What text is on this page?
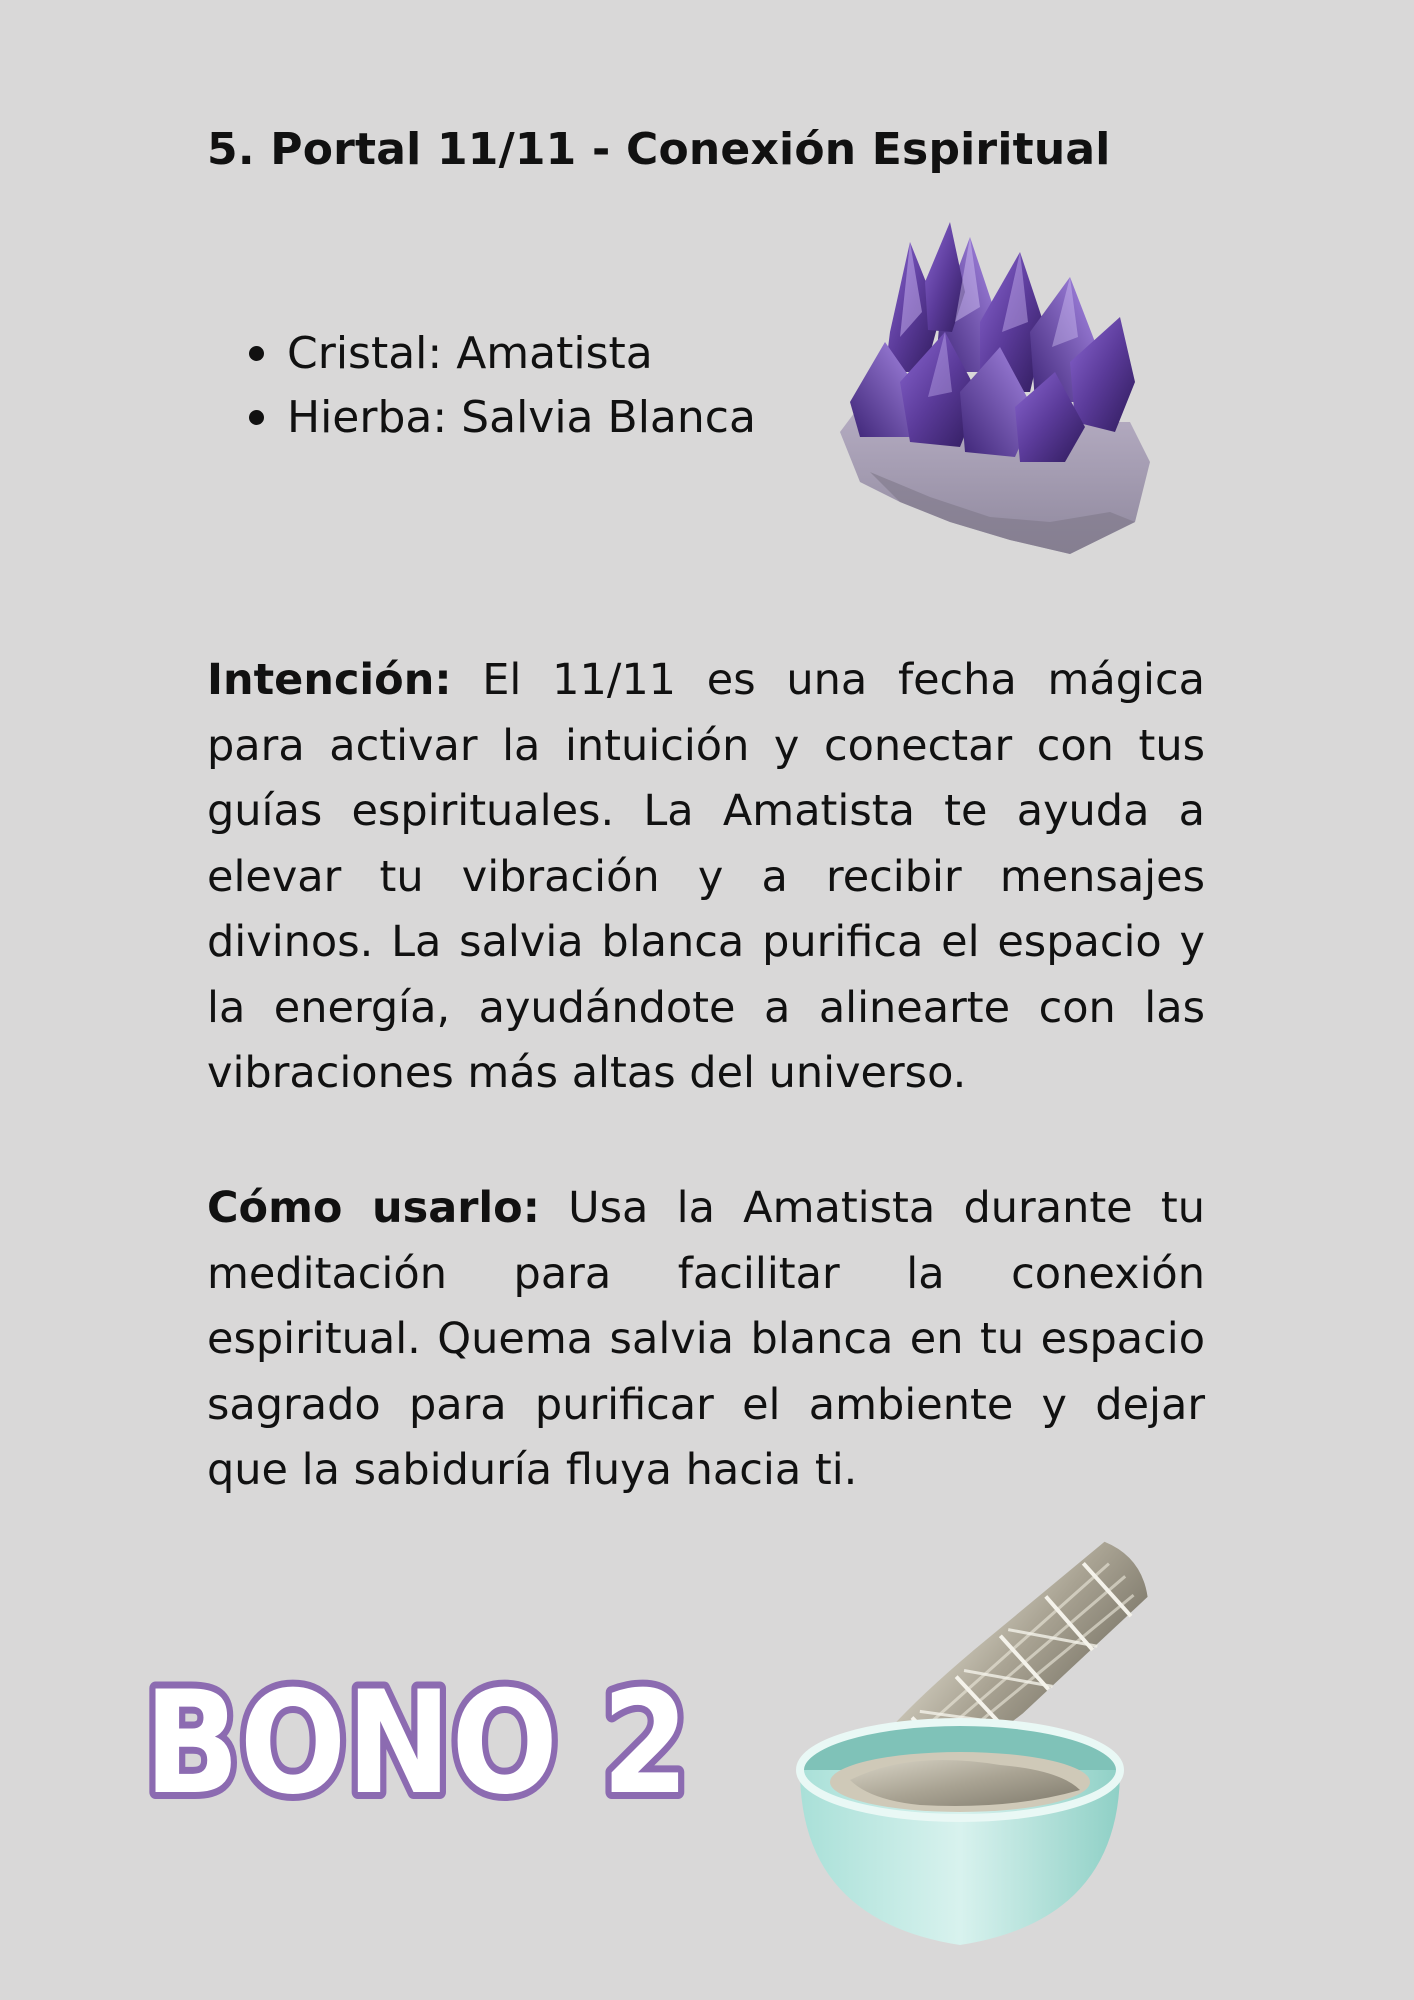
5. Portal 11/11 - Conexión Espiritual
Cristal: Amatista
Hierba: Salvia Blanca

Intención: El 11/11 es una fecha mágica para activar la intuición y conectar con tus guías espirituales. La Amatista te ayuda a elevar tu vibración y a recibir mensajes divinos. La salvia blanca purifica el espacio y la energía, ayudándote a alinearte con las vibraciones más altas del universo.

Cómo usarlo: Usa la Amatista durante tu meditación para facilitar la conexión espiritual. Quema salvia blanca en tu espacio sagrado para purificar el ambiente y dejar que la sabiduría fluya hacia ti.

BONO 2
